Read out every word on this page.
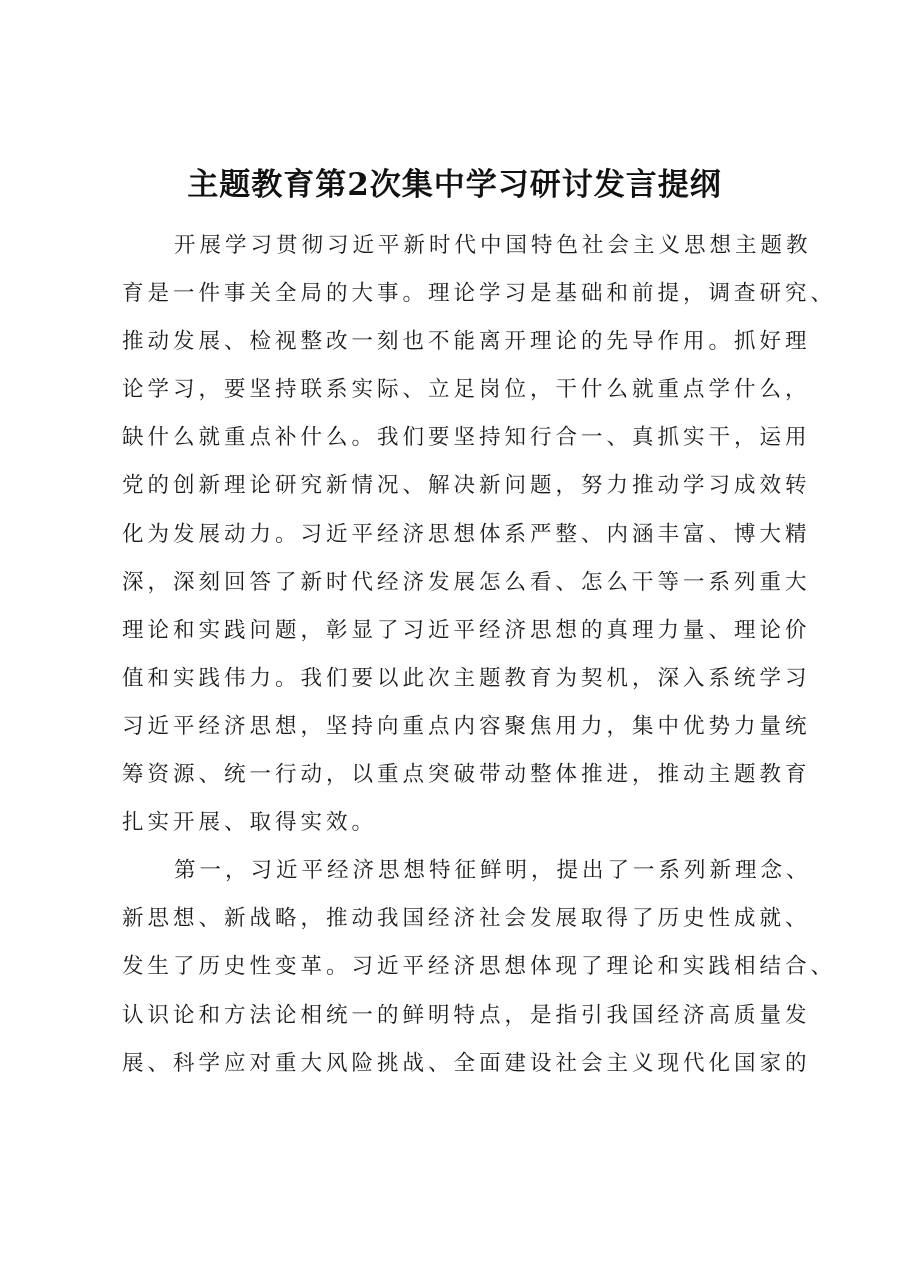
主题教育第2次集中学习研讨发言提纲
开展学习贯彻习近平新时代中国特色社会主义思想主题教
育是一件事关全局的大事。理论学习是基础和前提，调查研究、
推动发展、检视整改一刻也不能离开理论的先导作用。抓好理
论学习，要坚持联系实际、立足岗位，干什么就重点学什么，
缺什么就重点补什么。我们要坚持知行合一、真抓实干，运用
党的创新理论研究新情况、解决新问题，努力推动学习成效转
化为发展动力。习近平经济思想体系严整、内涵丰富、博大精
深，深刻回答了新时代经济发展怎么看、怎么干等一系列重大
理论和实践问题，彰显了习近平经济思想的真理力量、理论价
值和实践伟力。我们要以此次主题教育为契机，深入系统学习
习近平经济思想，坚持向重点内容聚焦用力，集中优势力量统
筹资源、统一行动，以重点突破带动整体推进，推动主题教育
扎实开展、取得实效。
第一，习近平经济思想特征鲜明，提出了一系列新理念、
新思想、新战略，推动我国经济社会发展取得了历史性成就、
发生了历史性变革。习近平经济思想体现了理论和实践相结合、
认识论和方法论相统一的鲜明特点，是指引我国经济高质量发
展、科学应对重大风险挑战、全面建设社会主义现代化国家的
